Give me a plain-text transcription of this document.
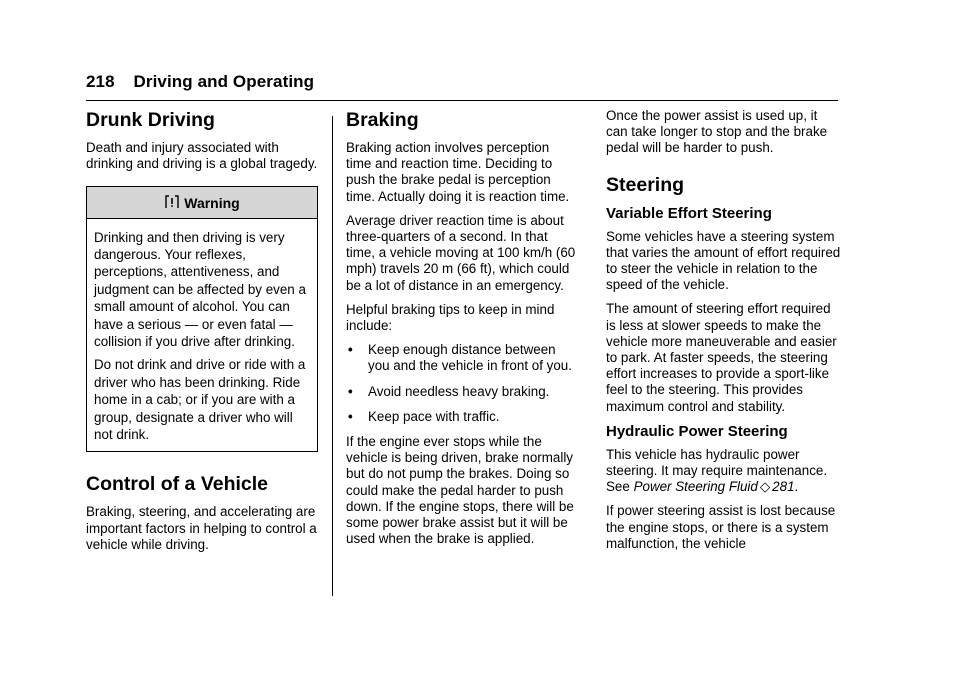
218 Driving and Operating
Drunk Driving

Death and injury associated with drinking and driving is a global tragedy.

Warning

Drinking and then driving is very dangerous. Your reflexes, perceptions, attentiveness, and judgment can be affected by even a small amount of alcohol. You can have a serious — or even fatal — collision if you drive after drinking.

Do not drink and drive or ride with a driver who has been drinking. Ride home in a cab; or if you are with a group, designate a driver who will not drink.

Control of a Vehicle

Braking, steering, and accelerating are important factors in helping to control a vehicle while driving.

Braking

Braking action involves perception time and reaction time. Deciding to push the brake pedal is perception time. Actually doing it is reaction time.

Average driver reaction time is about three-quarters of a second. In that time, a vehicle moving at 100 km/h (60 mph) travels 20 m (66 ft), which could be a lot of distance in an emergency.

Helpful braking tips to keep in mind include:

• Keep enough distance between you and the vehicle in front of you.
• Avoid needless heavy braking.
• Keep pace with traffic.

If the engine ever stops while the vehicle is being driven, brake normally but do not pump the brakes. Doing so could make the pedal harder to push down. If the engine stops, there will be some power brake assist but it will be used when the brake is applied.

Once the power assist is used up, it can take longer to stop and the brake pedal will be harder to push.

Steering
Variable Effort Steering

Some vehicles have a steering system that varies the amount of effort required to steer the vehicle in relation to the speed of the vehicle.

The amount of steering effort required is less at slower speeds to make the vehicle more maneuverable and easier to park. At faster speeds, the steering effort increases to provide a sport-like feel to the steering. This provides maximum control and stability.

Hydraulic Power Steering

This vehicle has hydraulic power steering. It may require maintenance. See Power Steering Fluid ◇ 281.

If power steering assist is lost because the engine stops, or there is a system malfunction, the vehicle
